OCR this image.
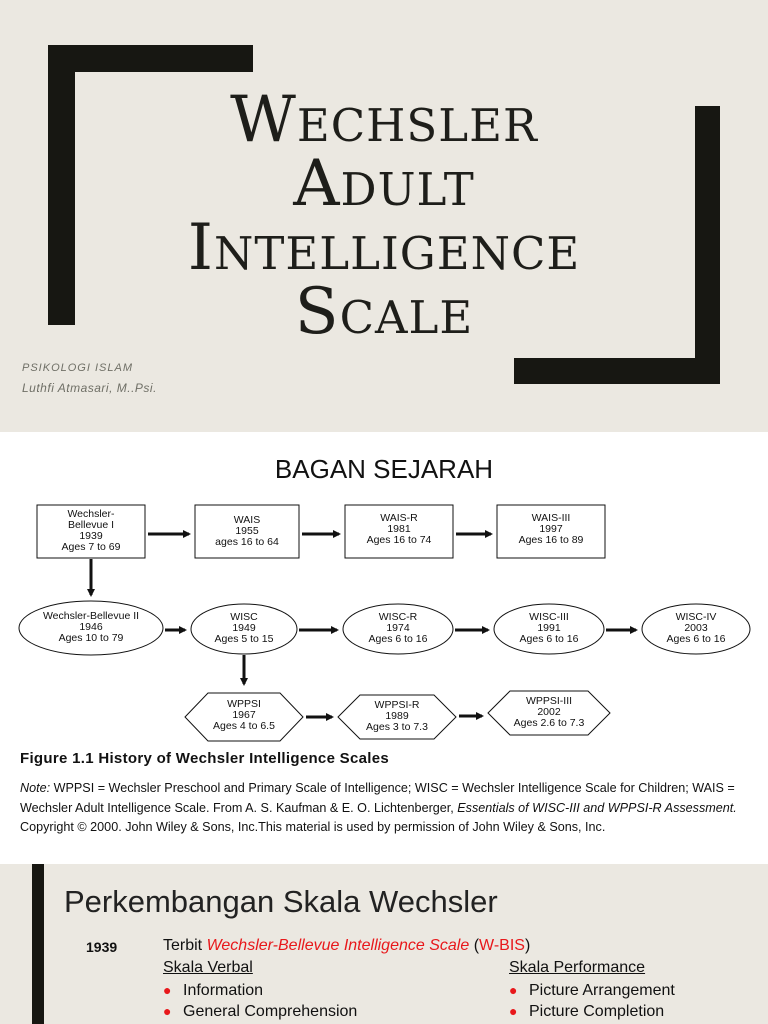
Wechsler
Adult
Intelligence
Scale
PSIKOLOGI ISLAM
Luthfi Atmasari, M..Psi.
BAGAN SEJARAH
Wechsler-
Bellevue I
1939
Ages 7 to 69
WAIS
1955
ages 16 to 64
WAIS-R
1981
Ages 16 to 74
WAIS-III
1997
Ages 16 to 89
Wechsler-Bellevue II
1946
Ages 10 to 79
WISC
1949
Ages 5 to 15
WISC-R
1974
Ages 6 to 16
WISC-III
1991
Ages 6 to 16
WISC-IV
2003
Ages 6 to 16
WPPSI
1967
Ages 4 to 6.5
WPPSI-R
1989
Ages 3 to 7.3
WPPSI-III
2002
Ages 2.6 to 7.3
Figure 1.1 History of Wechsler Intelligence Scales
Note: WPPSI = Wechsler Preschool and Primary Scale of Intelligence; WISC = Wechsler Intelligence Scale for Children; WAIS = Wechsler Adult Intelligence Scale. From A. S. Kaufman & E. O. Lichtenberger, Essentials of WISC-III and WPPSI-R Assessment. Copyright © 2000. John Wiley & Sons, Inc.This material is used by permission of John Wiley & Sons, Inc.
Perkembangan Skala Wechsler
1939	Terbit Wechsler-Bellevue Intelligence Scale (W-BIS)
Skala Verbal
● Information
● General Comprehension
Skala Performance
● Picture Arrangement
● Picture Completion
